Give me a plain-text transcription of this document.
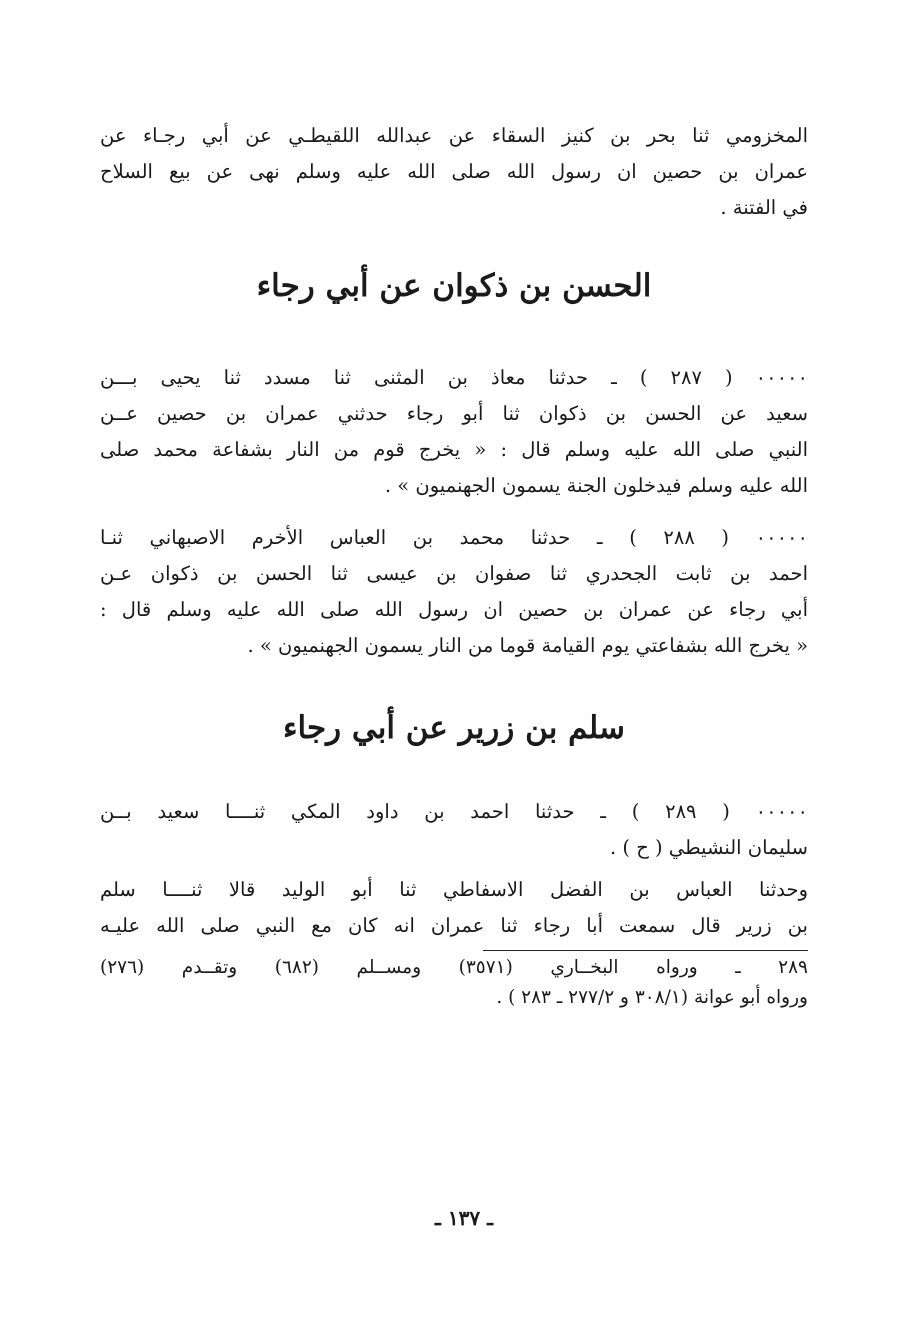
المخزومي ثنا بحر بن كنيز السقاء عن عبدالله اللقيطـي عن أبي رجـاء عن
عمران بن حصين ان رسول الله صلى الله عليه وسلم نهى عن بيع السلاح
في الفتنة .
الحسن بن ذكوان عن أبي رجاء
٠٠٠٠٠ ( ٢٨٧ ) ـ حدثنا معاذ بن المثنى ثنا مسدد ثنا يحيى بـــن
سعيد عن الحسن بن ذكوان ثنا أبو رجاء حدثني عمران بن حصين عــن
النبي صلى الله عليه وسلم قال : « يخرج قوم من النار بشفاعة محمد صلى
الله عليه وسلم فيدخلون الجنة يسمون الجهنميون » .
٠٠٠٠٠ ( ٢٨٨ ) ـ حدثنا محمد بن العباس الأخرم الاصبهاني ثنـا
احمد بن ثابت الجحدري ثنا صفوان بن عيسى ثنا الحسن بن ذكوان عـن
أبي رجاء عن عمران بن حصين ان رسول الله صلى الله عليه وسلم قال :
« يخرج الله بشفاعتي يوم القيامة قوما من النار يسمون الجهنميون » .
سلم بن زرير عن أبي رجاء
٠٠٠٠٠ ( ٢٨٩ ) ـ حدثنا احمد بن داود المكي ثنــــا سعيد بــن
سليمان النشيطي ( ح ) .
وحدثنا العباس بن الفضل الاسفاطي ثنا أبو الوليد قالا ثنــــا سلم
بن زرير قال سمعت أبا رجاء ثنا عمران انه كان مع النبي صلى الله عليـه
٢٨٩ ـ ورواه البخــاري (٣٥٧١) ومســلم (٦٨٢) وتقــدم (٢٧٦)
ورواه أبو عوانة (٣٠٨/١ و ٢٧٧/٢ ـ ٢٨٣ ) .
ـ ١٣٧ ـ
